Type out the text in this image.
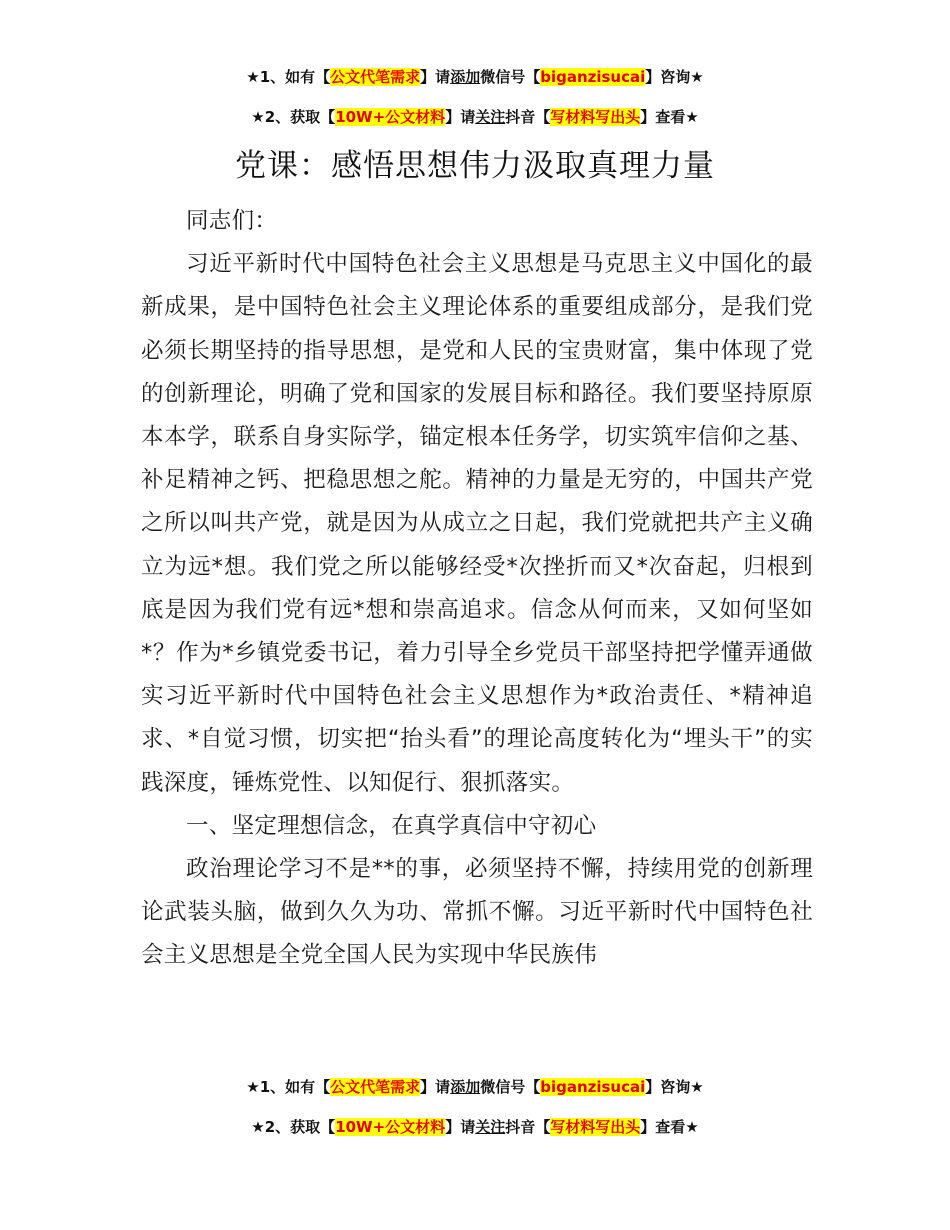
★1、如有【公文代笔需求】请添加微信号【biganzisucai】咨询★
★2、获取【10W+公文材料】请关注抖音【写材料写出头】查看★
党课：感悟思想伟力汲取真理力量

同志们：

习近平新时代中国特色社会主义思想是马克思主义中国化的最新成果，是中国特色社会主义理论体系的重要组成部分，是我们党必须长期坚持的指导思想，是党和人民的宝贵财富，集中体现了党的创新理论，明确了党和国家的发展目标和路径。我们要坚持原原本本学，联系自身实际学，锚定根本任务学，切实筑牢信仰之基、补足精神之钙、把稳思想之舵。精神的力量是无穷的，中国共产党之所以叫共产党，就是因为从成立之日起，我们党就把共产主义确立为远*想。我们党之所以能够经受*次挫折而又*次奋起，归根到底是因为我们党有远*想和崇高追求。信念从何而来，又如何坚如*？作为*乡镇党委书记，着力引导全乡党员干部坚持把学懂弄通做实习近平新时代中国特色社会主义思想作为*政治责任、*精神追求、*自觉习惯，切实把“抬头看”的理论高度转化为“埋头干”的实践深度，锤炼党性、以知促行、狠抓落实。

一、坚定理想信念，在真学真信中守初心

政治理论学习不是**的事，必须坚持不懈，持续用党的创新理论武装头脑，做到久久为功、常抓不懈。习近平新时代中国特色社会主义思想是全党全国人民为实现中华民族伟

★1、如有【公文代笔需求】请添加微信号【biganzisucai】咨询★
★2、获取【10W+公文材料】请关注抖音【写材料写出头】查看★
